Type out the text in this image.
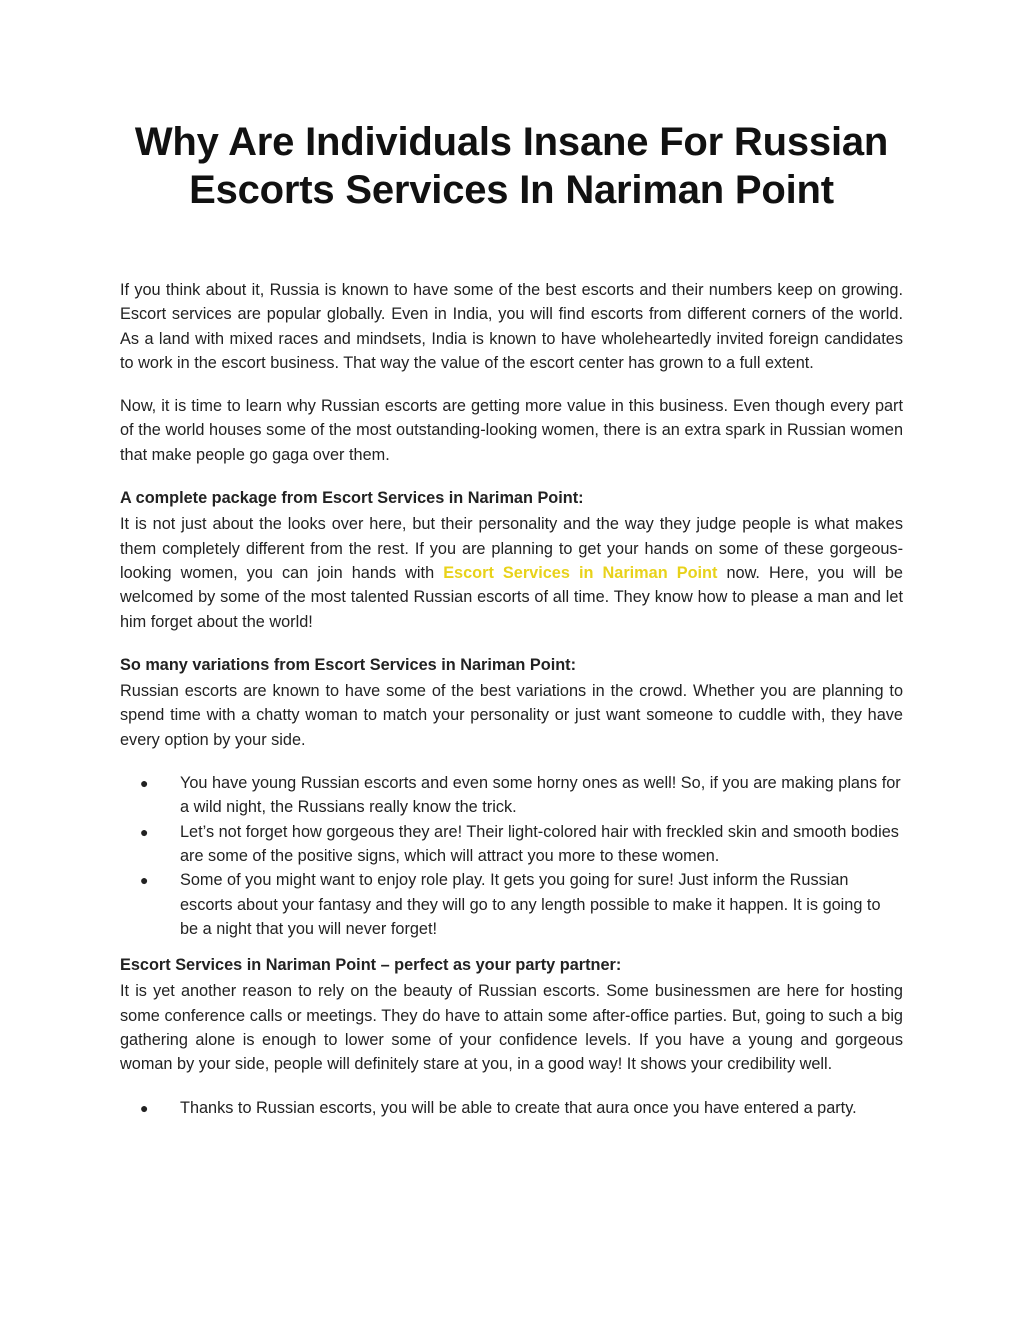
Why Are Individuals Insane For Russian Escorts Services In Nariman Point

If you think about it, Russia is known to have some of the best escorts and their numbers keep on growing. Escort services are popular globally. Even in India, you will find escorts from different corners of the world. As a land with mixed races and mindsets, India is known to have wholeheartedly invited foreign candidates to work in the escort business. That way the value of the escort center has grown to a full extent.

Now, it is time to learn why Russian escorts are getting more value in this business. Even though every part of the world houses some of the most outstanding-looking women, there is an extra spark in Russian women that make people go gaga over them.

A complete package from Escort Services in Nariman Point:

It is not just about the looks over here, but their personality and the way they judge people is what makes them completely different from the rest. If you are planning to get your hands on some of these gorgeous-looking women, you can join hands with Escort Services in Nariman Point now. Here, you will be welcomed by some of the most talented Russian escorts of all time. They know how to please a man and let him forget about the world!

So many variations from Escort Services in Nariman Point:

Russian escorts are known to have some of the best variations in the crowd. Whether you are planning to spend time with a chatty woman to match your personality or just want someone to cuddle with, they have every option by your side.

● You have young Russian escorts and even some horny ones as well! So, if you are making plans for a wild night, the Russians really know the trick.
● Let’s not forget how gorgeous they are! Their light-colored hair with freckled skin and smooth bodies are some of the positive signs, which will attract you more to these women.
● Some of you might want to enjoy role play. It gets you going for sure! Just inform the Russian escorts about your fantasy and they will go to any length possible to make it happen. It is going to be a night that you will never forget!

Escort Services in Nariman Point – perfect as your party partner:

It is yet another reason to rely on the beauty of Russian escorts. Some businessmen are here for hosting some conference calls or meetings. They do have to attain some after-office parties. But, going to such a big gathering alone is enough to lower some of your confidence levels. If you have a young and gorgeous woman by your side, people will definitely stare at you, in a good way! It shows your credibility well.

● Thanks to Russian escorts, you will be able to create that aura once you have entered a party.
